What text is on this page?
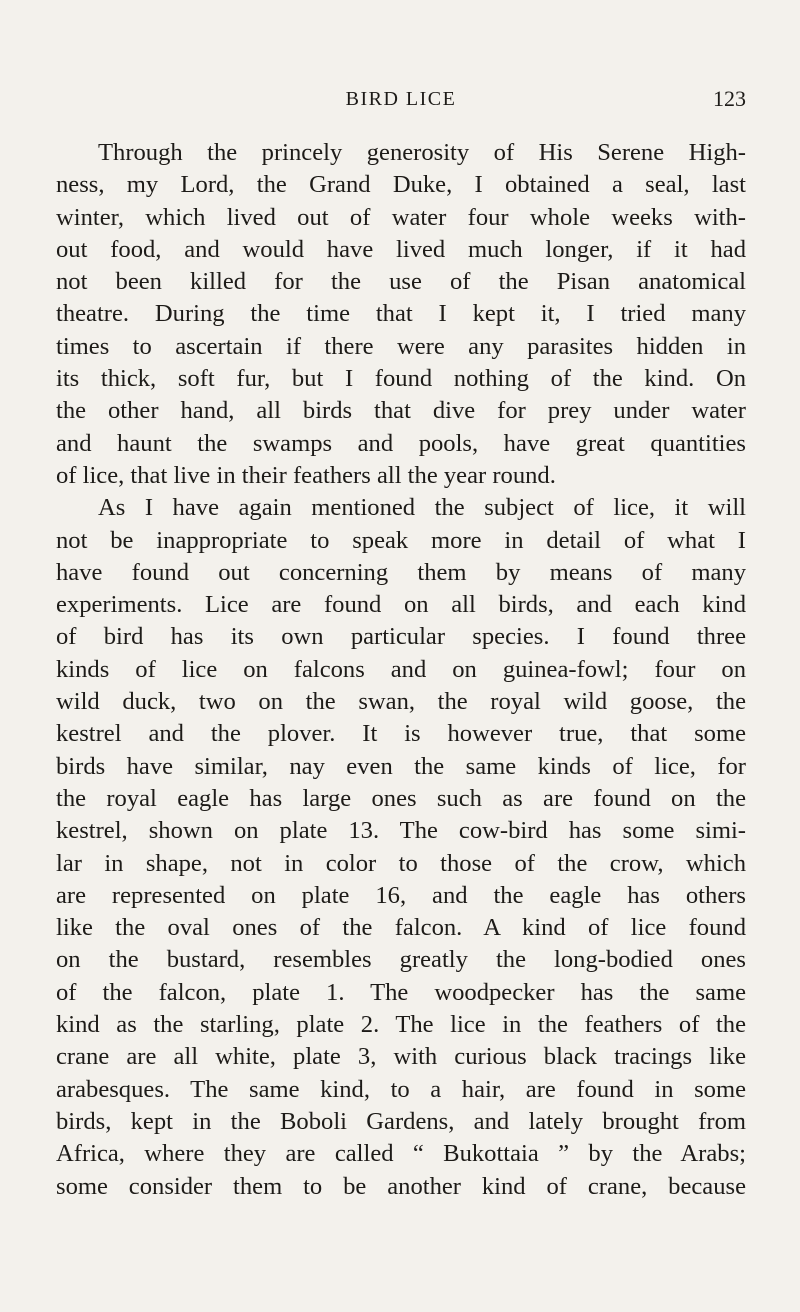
BIRD LICE	123
Through the princely generosity of His Serene High-
ness, my Lord, the Grand Duke, I obtained a seal, last
winter, which lived out of water four whole weeks with-
out food, and would have lived much longer, if it had
not been killed for the use of the Pisan anatomical
theatre. During the time that I kept it, I tried many
times to ascertain if there were any parasites hidden in
its thick, soft fur, but I found nothing of the kind. On
the other hand, all birds that dive for prey under water
and haunt the swamps and pools, have great quantities
of lice, that live in their feathers all the year round.
As I have again mentioned the subject of lice, it will
not be inappropriate to speak more in detail of what I
have found out concerning them by means of many
experiments. Lice are found on all birds, and each kind
of bird has its own particular species. I found three
kinds of lice on falcons and on guinea-fowl; four on
wild duck, two on the swan, the royal wild goose, the
kestrel and the plover. It is however true, that some
birds have similar, nay even the same kinds of lice, for
the royal eagle has large ones such as are found on the
kestrel, shown on plate 13. The cow-bird has some simi-
lar in shape, not in color to those of the crow, which
are represented on plate 16, and the eagle has others
like the oval ones of the falcon. A kind of lice found
on the bustard, resembles greatly the long-bodied ones
of the falcon, plate 1. The woodpecker has the same
kind as the starling, plate 2. The lice in the feathers of the
crane are all white, plate 3, with curious black tracings like
arabesques. The same kind, to a hair, are found in some
birds, kept in the Boboli Gardens, and lately brought from
Africa, where they are called “ Bukottaia ” by the Arabs;
some consider them to be another kind of crane, because
